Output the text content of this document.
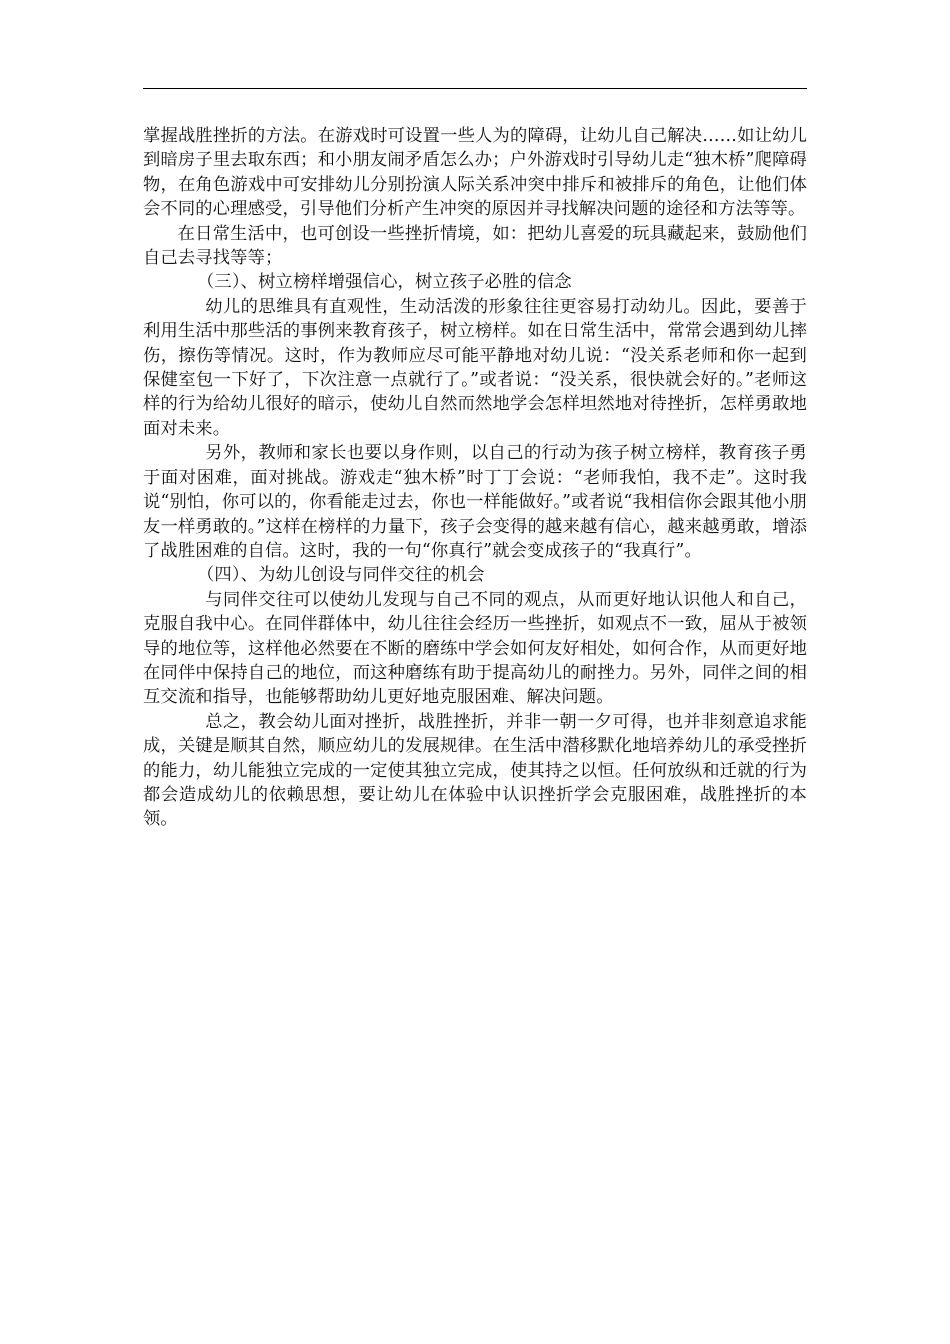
掌握战胜挫折的方法。在游戏时可设置一些人为的障碍，让幼儿自己解决……如让幼儿到暗房子里去取东西；和小朋友闹矛盾怎么办；户外游戏时引导幼儿走“独木桥”爬障碍物，在角色游戏中可安排幼儿分别扮演人际关系冲突中排斥和被排斥的角色，让他们体会不同的心理感受，引导他们分析产生冲突的原因并寻找解决问题的途径和方法等等。

在日常生活中，也可创设一些挫折情境，如：把幼儿喜爱的玩具藏起来，鼓励他们自己去寻找等等；

（三）、树立榜样增强信心，树立孩子必胜的信念

幼儿的思维具有直观性，生动活泼的形象往往更容易打动幼儿。因此，要善于利用生活中那些活的事例来教育孩子，树立榜样。如在日常生活中，常常会遇到幼儿摔伤，擦伤等情况。这时，作为教师应尽可能平静地对幼儿说：“没关系老师和你一起到保健室包一下好了，下次注意一点就行了。”或者说：“没关系，很快就会好的。”老师这样的行为给幼儿很好的暗示，使幼儿自然而然地学会怎样坦然地对待挫折，怎样勇敢地面对未来。

另外，教师和家长也要以身作则，以自己的行动为孩子树立榜样，教育孩子勇于面对困难，面对挑战。游戏走“独木桥”时丁丁会说：“老师我怕，我不走”。这时我说“别怕，你可以的，你看能走过去，你也一样能做好。”或者说“我相信你会跟其他小朋友一样勇敢的。”这样在榜样的力量下，孩子会变得的越来越有信心，越来越勇敢，增添了战胜困难的自信。这时，我的一句“你真行”就会变成孩子的“我真行”。

（四）、为幼儿创设与同伴交往的机会

与同伴交往可以使幼儿发现与自己不同的观点，从而更好地认识他人和自己，克服自我中心。在同伴群体中，幼儿往往会经历一些挫折，如观点不一致，屈从于被领导的地位等，这样他必然要在不断的磨练中学会如何友好相处，如何合作，从而更好地在同伴中保持自己的地位，而这种磨练有助于提高幼儿的耐挫力。另外，同伴之间的相互交流和指导，也能够帮助幼儿更好地克服困难、解决问题。

总之，教会幼儿面对挫折，战胜挫折，并非一朝一夕可得，也并非刻意追求能成，关键是顺其自然，顺应幼儿的发展规律。在生活中潜移默化地培养幼儿的承受挫折的能力，幼儿能独立完成的一定使其独立完成，使其持之以恒。任何放纵和迁就的行为都会造成幼儿的依赖思想，要让幼儿在体验中认识挫折学会克服困难，战胜挫折的本领。
